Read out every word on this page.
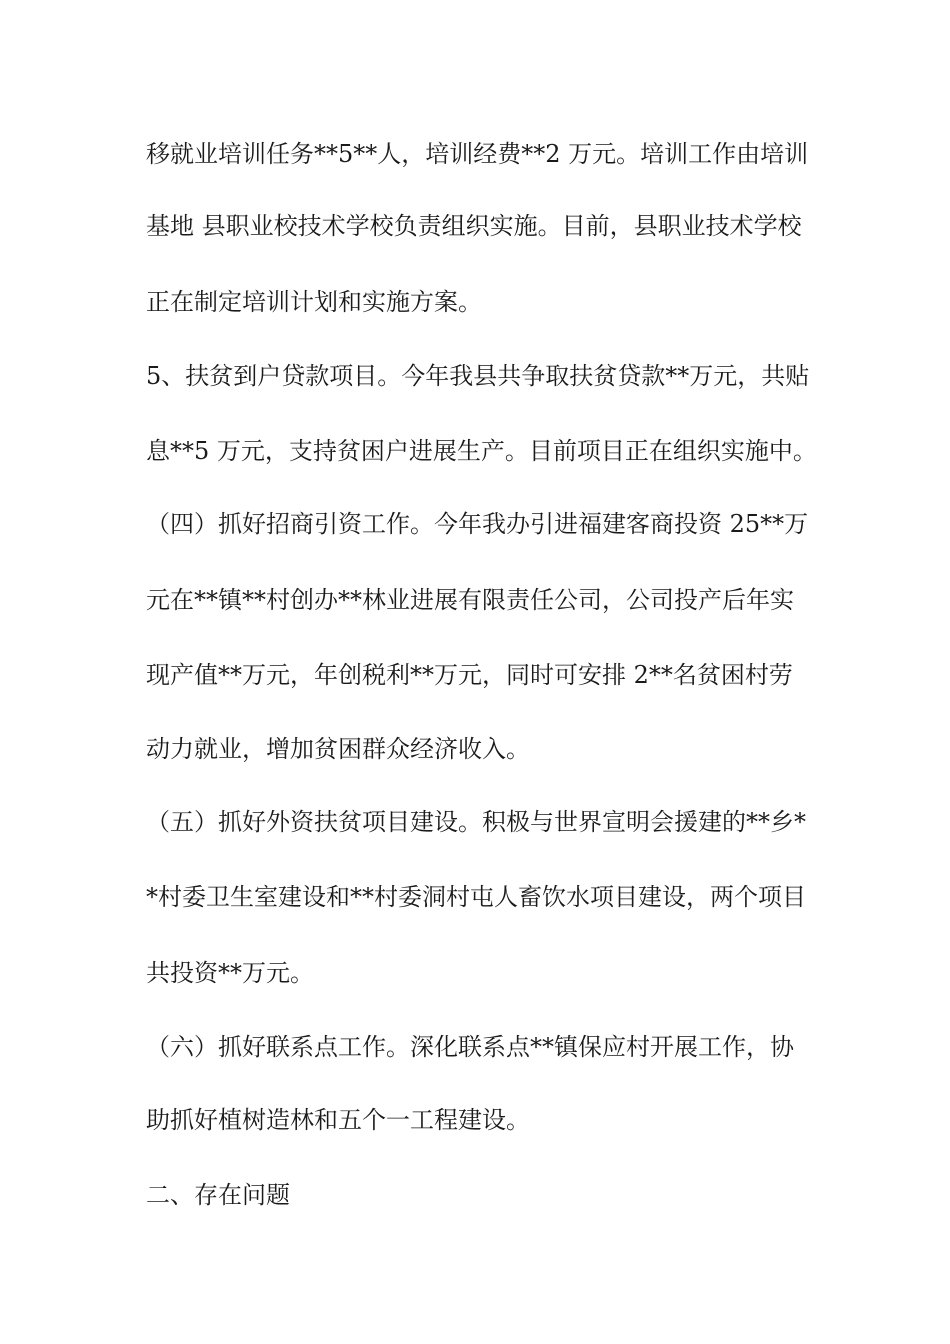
移就业培训任务**5**人，培训经费**2 万元。培训工作由培训

基地 县职业校技术学校负责组织实施。目前，县职业技术学校

正在制定培训计划和实施方案。

5、扶贫到户贷款项目。今年我县共争取扶贫贷款**万元，共贴

息**5 万元，支持贫困户进展生产。目前项目正在组织实施中。

（四）抓好招商引资工作。今年我办引进福建客商投资 25**万

元在**镇**村创办**林业进展有限责任公司，公司投产后年实

现产值**万元，年创税利**万元，同时可安排 2**名贫困村劳

动力就业，增加贫困群众经济收入。

（五）抓好外资扶贫项目建设。积极与世界宣明会援建的**乡*

*村委卫生室建设和**村委洞村屯人畜饮水项目建设，两个项目

共投资**万元。

（六）抓好联系点工作。深化联系点**镇保应村开展工作，协

助抓好植树造林和五个一工程建设。

二、存在问题
